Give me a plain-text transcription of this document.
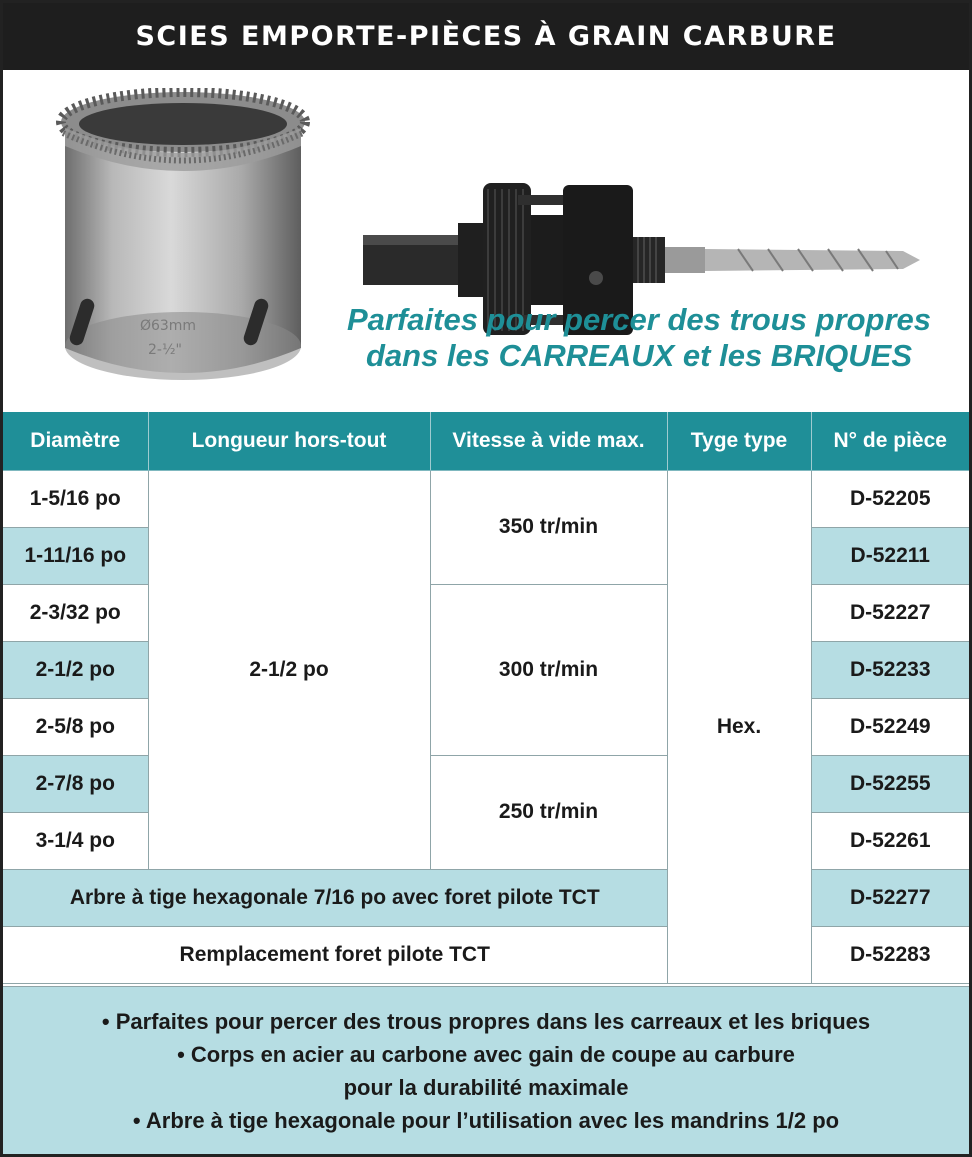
SCIES EMPORTE-PIÈCES À GRAIN CARBURE
Ø63mm
2-½"
Parfaites pour percer des trous propres
dans les CARREAUX et les BRIQUES
Diamètre	Longueur hors-tout	Vitesse à vide max.	Tyge type	N° de pièce
1-5/16 po	2-1/2 po	350 tr/min	Hex.	D-52205
1-11/16 po				D-52211
2-3/32 po		300 tr/min		D-52227
2-1/2 po				D-52233
2-5/8 po				D-52249
2-7/8 po		250 tr/min		D-52255
3-1/4 po				D-52261
Arbre à tige hexagonale 7/16 po avec foret pilote TCT				D-52277
Remplacement foret pilote TCT				D-52283
• Parfaites pour percer des trous propres dans les carreaux et les briques
• Corps en acier au carbone avec gain de coupe au carbure
pour la durabilité maximale
• Arbre à tige hexagonale pour l’utilisation avec les mandrins 1/2 po
